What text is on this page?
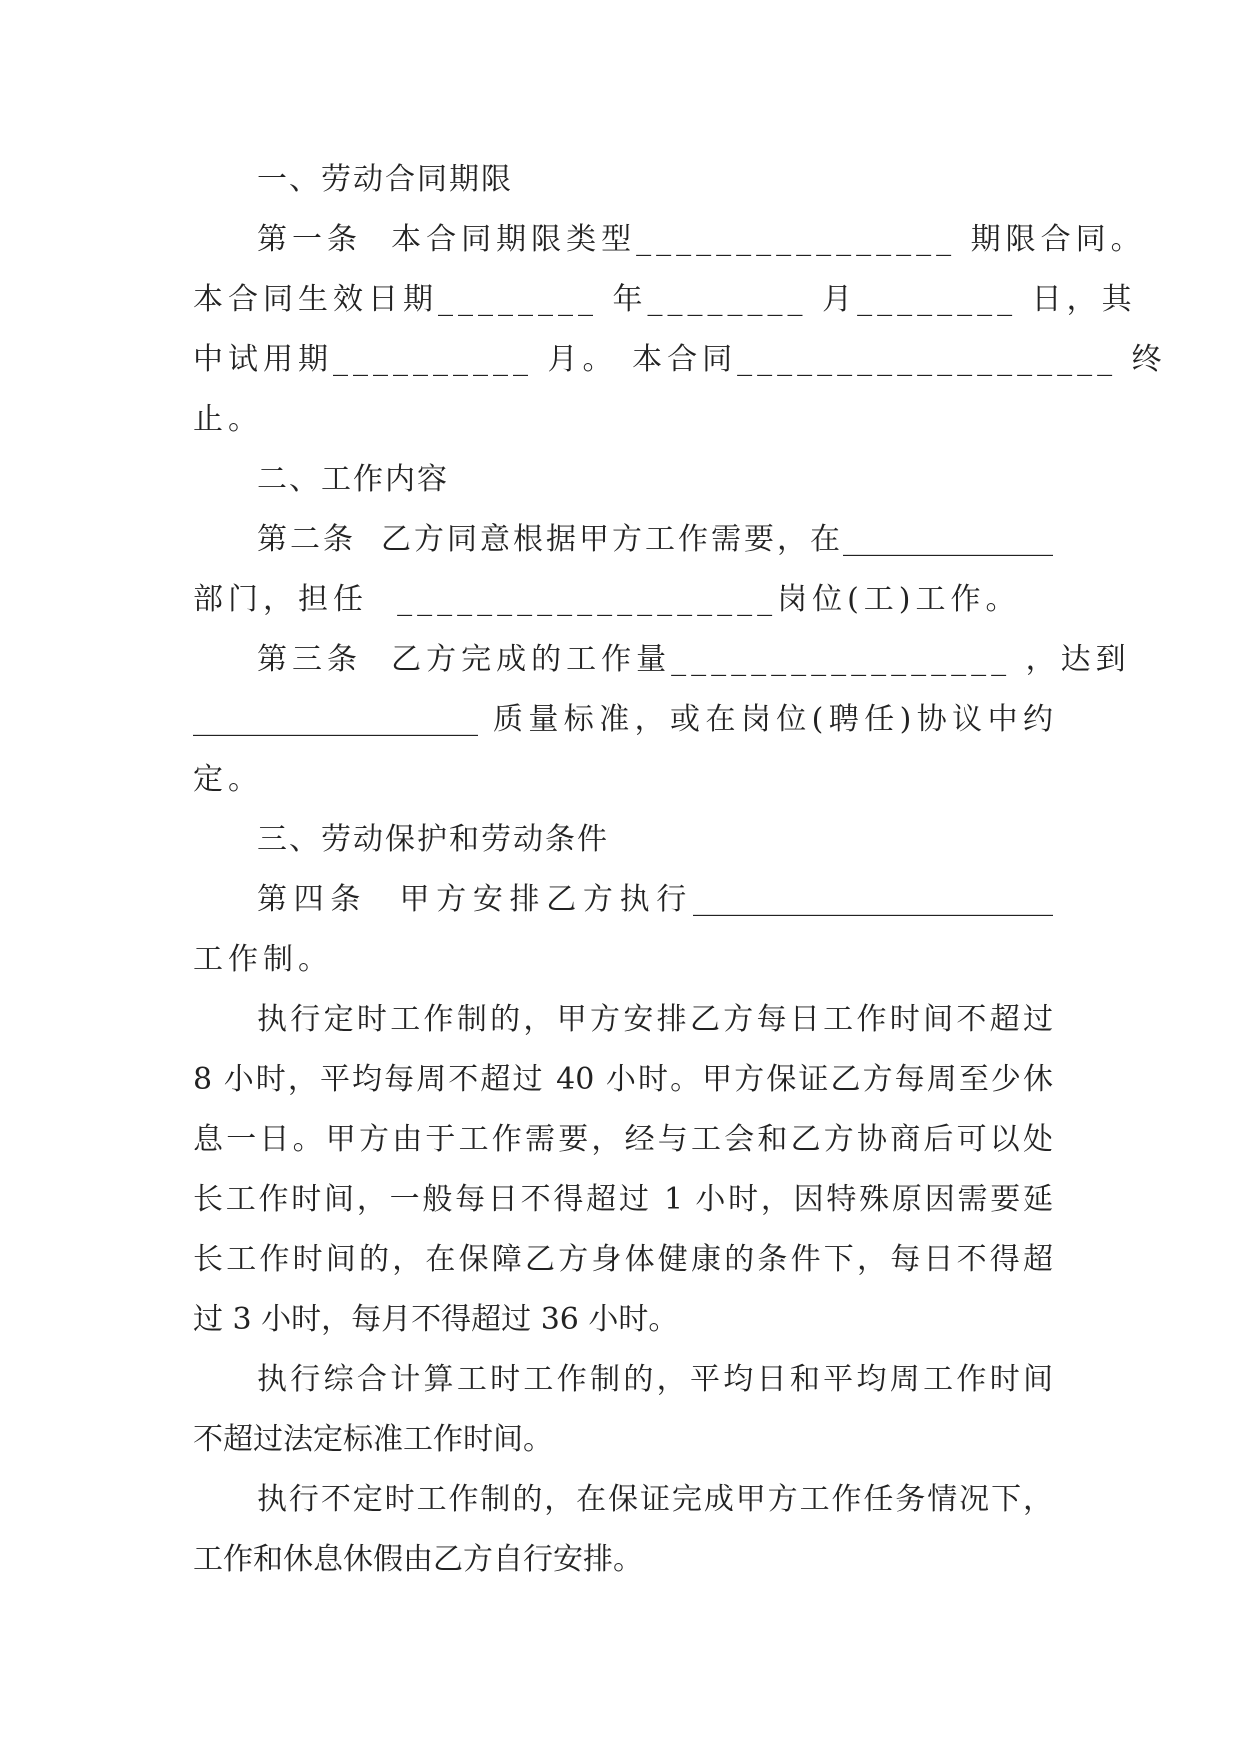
一、劳动合同期限
第一条  本合同期限类型________________ 期限合同。
本合同生效日期________ 年________ 月________ 日，其
中试用期__________ 月。 本合同___________________ 终
止。
二、工作内容
第二条  乙方同意根据甲方工作需要，在______________
部门，担任  ___________________岗位(工)工作。
第三条  乙方完成的工作量_________________ ，达到
___________________ 质量标准，或在岗位(聘任)协议中约
定。
三、劳动保护和劳动条件
第四条  甲方安排乙方执行________________________
工作制。
执行定时工作制的，甲方安排乙方每日工作时间不超过
8 小时，平均每周不超过 40 小时。甲方保证乙方每周至少休
息一日。甲方由于工作需要，经与工会和乙方协商后可以处
长工作时间，一般每日不得超过 1 小时，因特殊原因需要延
长工作时间的，在保障乙方身体健康的条件下，每日不得超
过 3 小时，每月不得超过 36 小时。
执行综合计算工时工作制的，平均日和平均周工作时间
不超过法定标准工作时间。
执行不定时工作制的，在保证完成甲方工作任务情况下，
工作和休息休假由乙方自行安排。
